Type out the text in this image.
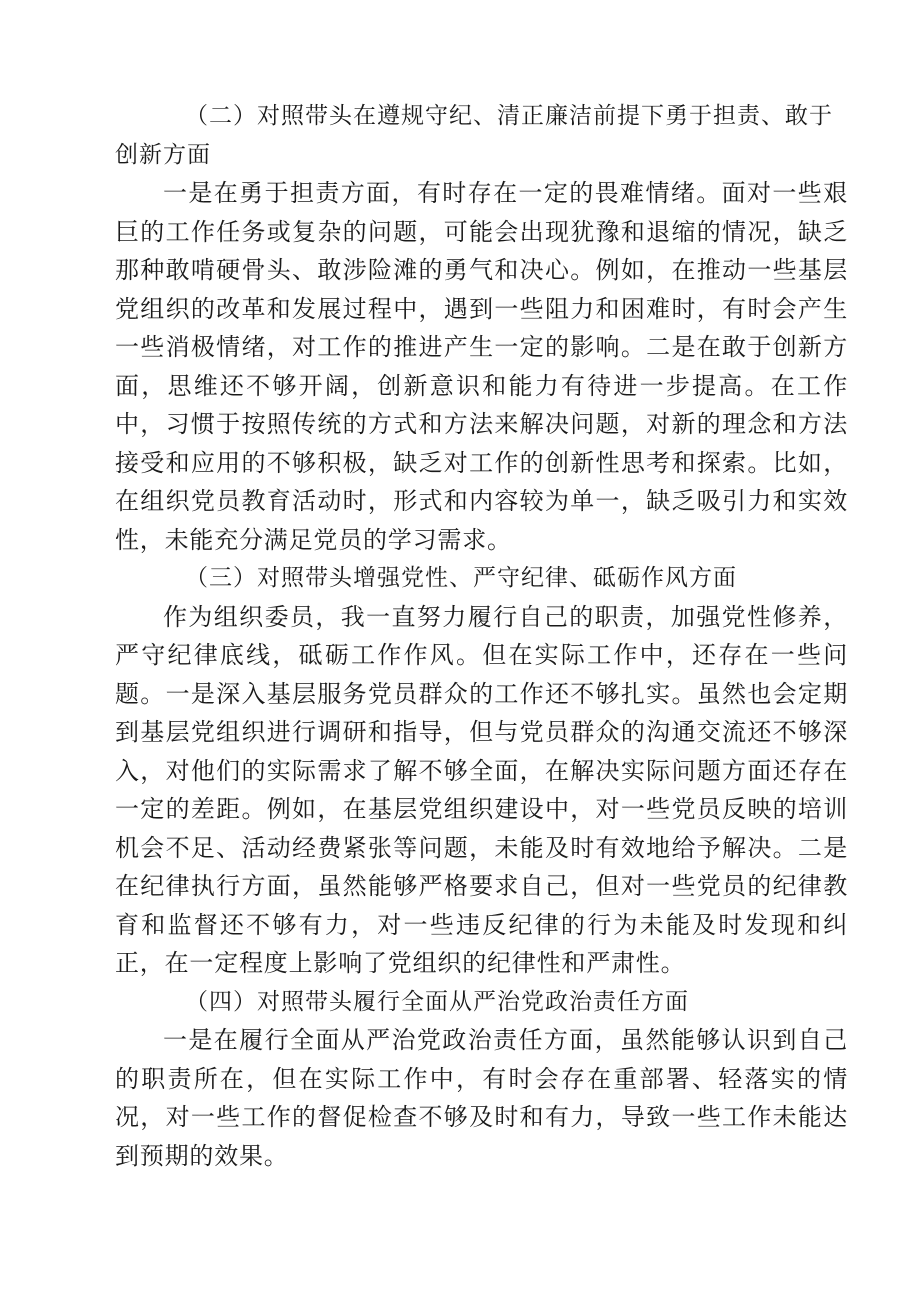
（二）对照带头在遵规守纪、清正廉洁前提下勇于担责、敢于创新方面

一是在勇于担责方面，有时存在一定的畏难情绪。面对一些艰巨的工作任务或复杂的问题，可能会出现犹豫和退缩的情况，缺乏那种敢啃硬骨头、敢涉险滩的勇气和决心。例如，在推动一些基层党组织的改革和发展过程中，遇到一些阻力和困难时，有时会产生一些消极情绪，对工作的推进产生一定的影响。二是在敢于创新方面，思维还不够开阔，创新意识和能力有待进一步提高。在工作中，习惯于按照传统的方式和方法来解决问题，对新的理念和方法接受和应用的不够积极，缺乏对工作的创新性思考和探索。比如，在组织党员教育活动时，形式和内容较为单一，缺乏吸引力和实效性，未能充分满足党员的学习需求。

（三）对照带头增强党性、严守纪律、砥砺作风方面

作为组织委员，我一直努力履行自己的职责，加强党性修养，严守纪律底线，砥砺工作作风。但在实际工作中，还存在一些问题。一是深入基层服务党员群众的工作还不够扎实。虽然也会定期到基层党组织进行调研和指导，但与党员群众的沟通交流还不够深入，对他们的实际需求了解不够全面，在解决实际问题方面还存在一定的差距。例如，在基层党组织建设中，对一些党员反映的培训机会不足、活动经费紧张等问题，未能及时有效地给予解决。二是在纪律执行方面，虽然能够严格要求自己，但对一些党员的纪律教育和监督还不够有力，对一些违反纪律的行为未能及时发现和纠正，在一定程度上影响了党组织的纪律性和严肃性。

（四）对照带头履行全面从严治党政治责任方面

一是在履行全面从严治党政治责任方面，虽然能够认识到自己的职责所在，但在实际工作中，有时会存在重部署、轻落实的情况，对一些工作的督促检查不够及时和有力，导致一些工作未能达到预期的效果。
